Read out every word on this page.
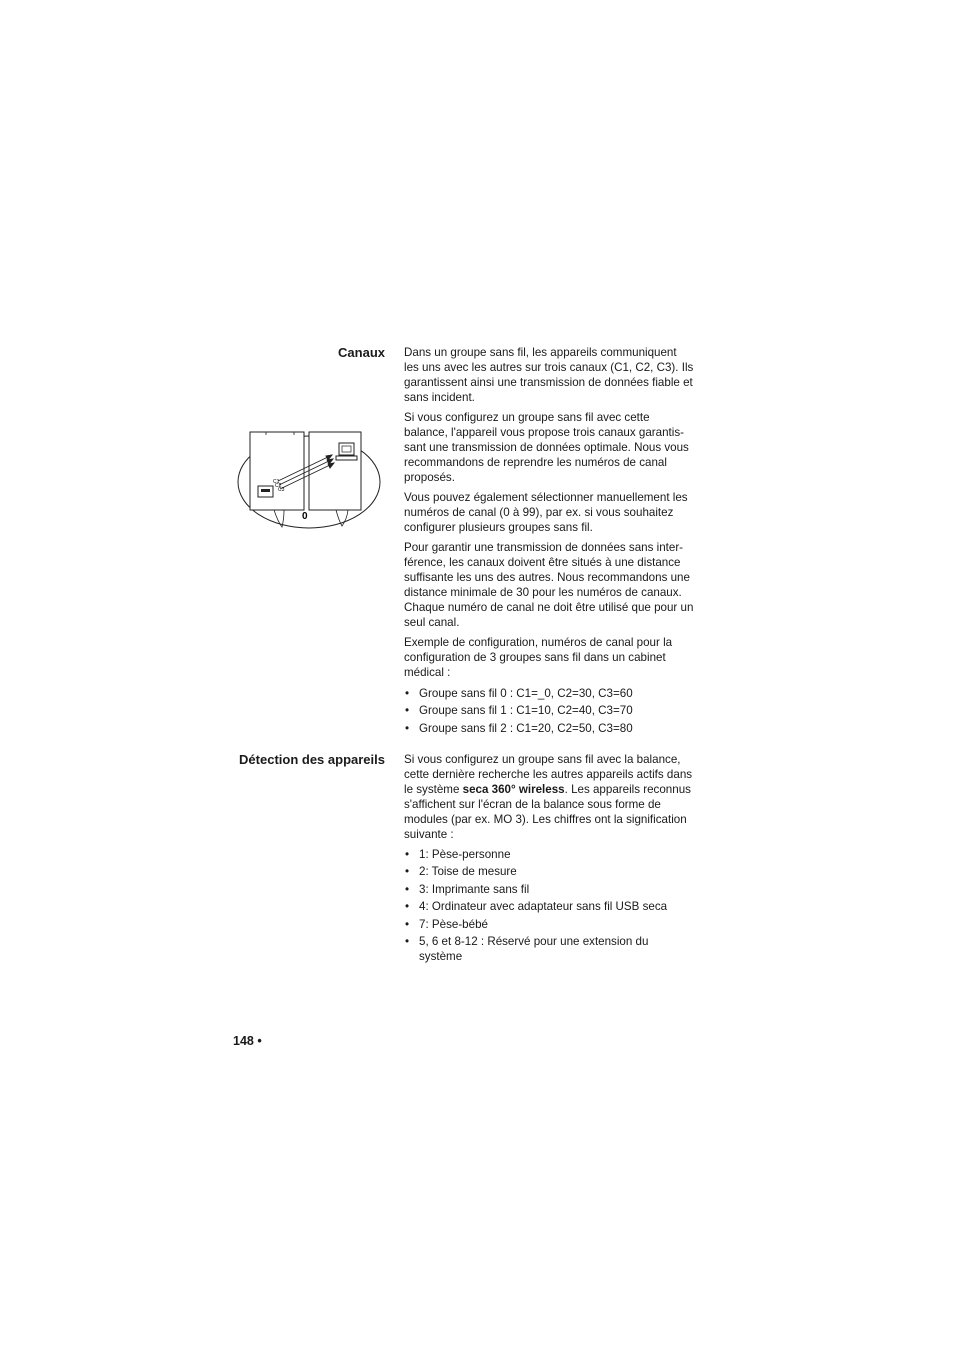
Canaux Dans un groupe sans fil, les appareils communiquent les uns avec les autres sur trois canaux (C1, C2, C3). Ils garantissent ainsi une transmission de données fiable et sans incident.

Si vous configurez un groupe sans fil avec cette balance, l'appareil vous propose trois canaux garantis-sant une transmission de données optimale. Nous vous recommandons de reprendre les numéros de canal proposés.

Vous pouvez également sélectionner manuellement les numéros de canal (0 à 99), par ex. si vous souhaitez configurer plusieurs groupes sans fil.

Pour garantir une transmission de données sans inter-férence, les canaux doivent être situés à une distance suffisante les uns des autres. Nous recommandons une distance minimale de 30 pour les numéros de canaux. Chaque numéro de canal ne doit être utilisé que pour un seul canal.

Exemple de configuration, numéros de canal pour la configuration de 3 groupes sans fil dans un cabinet médical :

• Groupe sans fil 0 : C1=_0, C2=30, C3=60
• Groupe sans fil 1 : C1=10, C2=40, C3=70
• Groupe sans fil 2 : C1=20, C2=50, C3=80
C1
C2
C3
0
Détection des appareils Si vous configurez un groupe sans fil avec la balance, cette dernière recherche les autres appareils actifs dans le système seca 360° wireless. Les appareils reconnus s'affichent sur l'écran de la balance sous forme de modules (par ex. MO 3). Les chiffres ont la signification suivante :

• 1: Pèse-personne
• 2: Toise de mesure
• 3: Imprimante sans fil
• 4: Ordinateur avec adaptateur sans fil USB seca
• 7: Pèse-bébé
• 5, 6 et 8-12 : Réservé pour une extension du système
148 •
